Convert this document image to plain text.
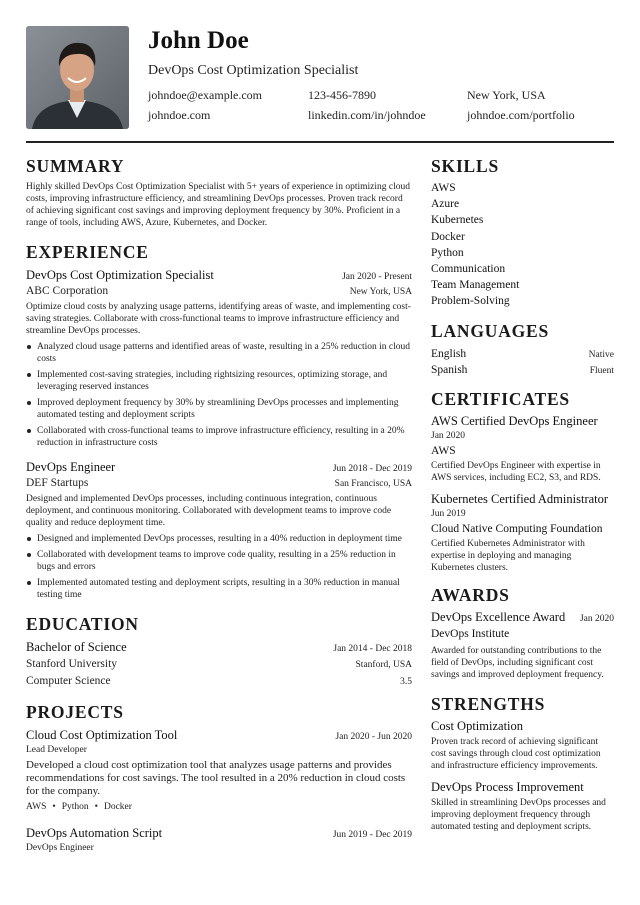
John Doe
DevOps Cost Optimization Specialist
johndoe@example.com	123-456-7890	New York, USA
johndoe.com	linkedin.com/in/johndoe	johndoe.com/portfolio
SUMMARY
Highly skilled DevOps Cost Optimization Specialist with 5+ years of experience in optimizing cloud costs, improving infrastructure efficiency, and streamlining DevOps processes. Proven track record of achieving significant cost savings and improving deployment frequency by 30%. Proficient in a range of tools, including AWS, Azure, Kubernetes, and Docker.
EXPERIENCE
DevOps Cost Optimization Specialist	Jan 2020 - Present
ABC Corporation	New York, USA
Optimize cloud costs by analyzing usage patterns, identifying areas of waste, and implementing cost-saving strategies. Collaborate with cross-functional teams to improve infrastructure efficiency and streamline DevOps processes.
Analyzed cloud usage patterns and identified areas of waste, resulting in a 25% reduction in cloud costs
Implemented cost-saving strategies, including rightsizing resources, optimizing storage, and leveraging reserved instances
Improved deployment frequency by 30% by streamlining DevOps processes and implementing automated testing and deployment scripts
Collaborated with cross-functional teams to improve infrastructure efficiency, resulting in a 20% reduction in infrastructure costs
DevOps Engineer	Jun 2018 - Dec 2019
DEF Startups	San Francisco, USA
Designed and implemented DevOps processes, including continuous integration, continuous deployment, and continuous monitoring. Collaborated with development teams to improve code quality and reduce deployment time.
Designed and implemented DevOps processes, resulting in a 40% reduction in deployment time
Collaborated with development teams to improve code quality, resulting in a 25% reduction in bugs and errors
Implemented automated testing and deployment scripts, resulting in a 30% reduction in manual testing time
EDUCATION
Bachelor of Science	Jan 2014 - Dec 2018
Stanford University	Stanford, USA
Computer Science	3.5
PROJECTS
Cloud Cost Optimization Tool	Jan 2020 - Jun 2020
Lead Developer
Developed a cloud cost optimization tool that analyzes usage patterns and provides recommendations for cost savings. The tool resulted in a 20% reduction in cloud costs for the company.
AWS • Python • Docker
DevOps Automation Script	Jun 2019 - Dec 2019
DevOps Engineer
SKILLS
AWS
Azure
Kubernetes
Docker
Python
Communication
Team Management
Problem-Solving
LANGUAGES
English	Native
Spanish	Fluent
CERTIFICATES
AWS Certified DevOps Engineer
Jan 2020
AWS
Certified DevOps Engineer with expertise in AWS services, including EC2, S3, and RDS.
Kubernetes Certified Administrator
Jun 2019
Cloud Native Computing Foundation
Certified Kubernetes Administrator with expertise in deploying and managing Kubernetes clusters.
AWARDS
DevOps Excellence Award Jan 2020
DevOps Institute
Awarded for outstanding contributions to the field of DevOps, including significant cost savings and improved deployment frequency.
STRENGTHS
Cost Optimization
Proven track record of achieving significant cost savings through cloud cost optimization and infrastructure efficiency improvements.
DevOps Process Improvement
Skilled in streamlining DevOps processes and improving deployment frequency through automated testing and deployment scripts.
